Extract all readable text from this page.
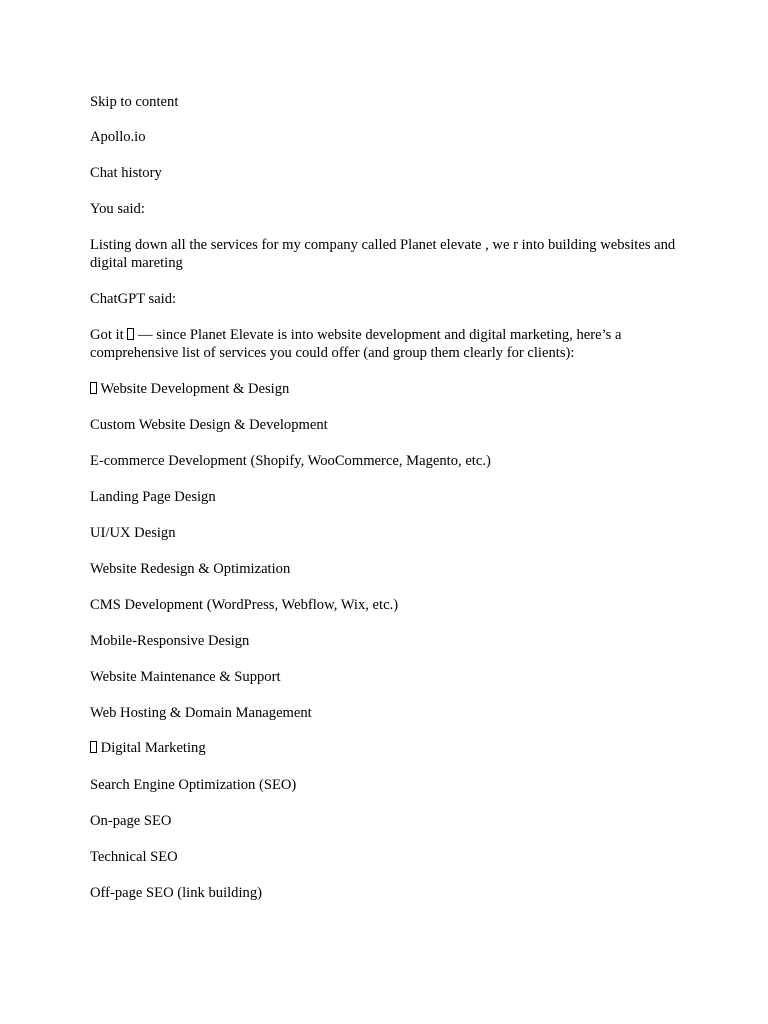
Skip to content

Apollo.io

Chat history

You said:

Listing down all the services for my company called Planet elevate , we r into building websites and digital mareting

ChatGPT said:

Got it  — since Planet Elevate is into website development and digital marketing, here’s a comprehensive list of services you could offer (and group them clearly for clients):

Website Development & Design

Custom Website Design & Development

E-commerce Development (Shopify, WooCommerce, Magento, etc.)

Landing Page Design

UI/UX Design

Website Redesign & Optimization

CMS Development (WordPress, Webflow, Wix, etc.)

Mobile-Responsive Design

Website Maintenance & Support

Web Hosting & Domain Management

Digital Marketing

Search Engine Optimization (SEO)

On-page SEO

Technical SEO

Off-page SEO (link building)
